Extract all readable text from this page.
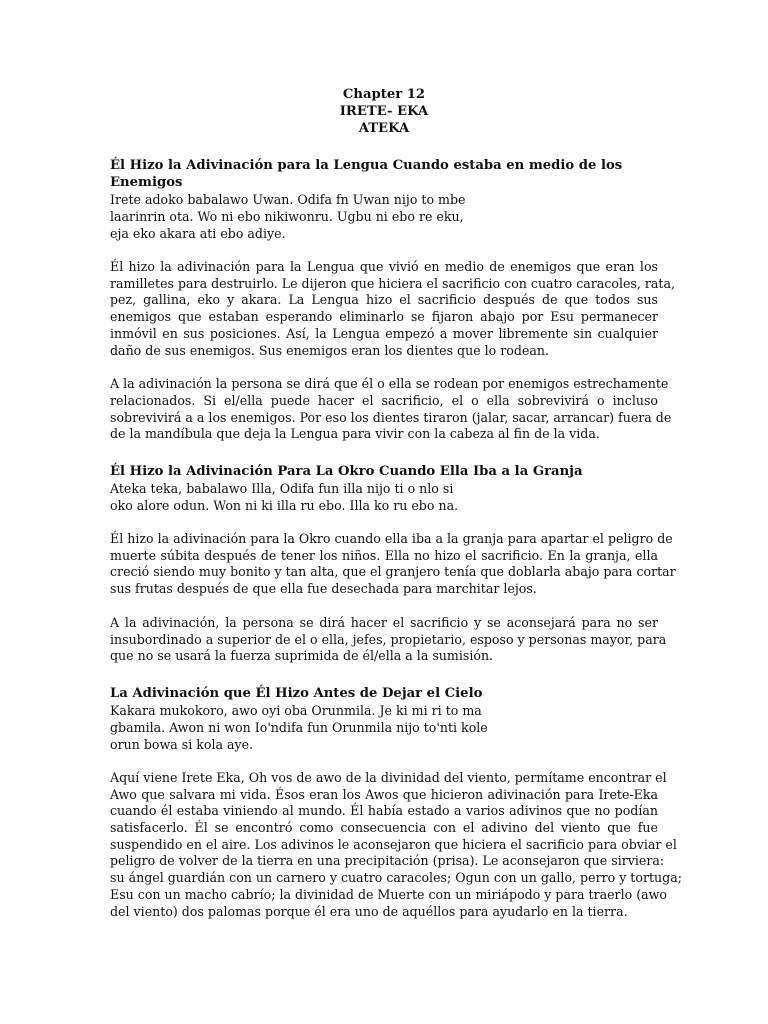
Chapter 12
IRETE- EKA
ATEKA
Él Hizo la Adivinación para la Lengua Cuando estaba en medio de los Enemigos
Irete adoko babalawo Uwan. Odifa fn Uwan nijo to mbe
laarinrin ota. Wo ni ebo nikiwonru. Ugbu ni ebo re eku,
eja eko akara ati ebo adiye.
Él hizo la adivinación para la Lengua que vivió en medio de enemigos que eran los
ramilletes para destruirlo. Le dijeron que hiciera el sacrificio con cuatro caracoles, rata,
pez, gallina, eko y akara. La Lengua hizo el sacrificio después de que todos sus
enemigos que estaban esperando eliminarlo se fijaron abajo por Esu permanecer
inmóvil en sus posiciones. Así, la Lengua empezó a mover libremente sin cualquier
daño de sus enemigos. Sus enemigos eran los dientes que lo rodean.
A la adivinación la persona se dirá que él o ella se rodean por enemigos estrechamente
relacionados. Si el/ella puede hacer el sacrificio, el o ella sobrevivirá o incluso
sobrevivirá a a los enemigos. Por eso los dientes tiraron (jalar, sacar, arrancar) fuera de
de la mandíbula que deja la Lengua para vivir con la cabeza al fin de la vida.
Él Hizo la Adivinación Para La Okro Cuando Ella Iba a la Granja
Ateka teka, babalawo Illa, Odifa fun illa nijo ti o nlo si
oko alore odun. Won ni ki illa ru ebo. Illa ko ru ebo na.
Él hizo la adivinación para la Okro cuando ella iba a la granja para apartar el peligro de
muerte súbita después de tener los niños. Ella no hizo el sacrificio. En la granja, ella
creció siendo muy bonito y tan alta, que el granjero tenía que doblarla abajo para cortar
sus frutas después de que ella fue desechada para marchitar lejos.
A la adivinación, la persona se dirá hacer el sacrificio y se aconsejará para no ser
insubordinado a superior de el o ella, jefes, propietario, esposo y personas mayor, para
que no se usará la fuerza suprimida de él/ella a la sumisión.
La Adivinación que Él Hizo Antes de Dejar el Cielo
Kakara mukokoro, awo oyi oba Orunmila. Je ki mi ri to ma
gbamila. Awon ni won Io'ndifa fun Orunmila nijo to'nti kole
orun bowa si kola aye.
Aquí viene Irete Eka, Oh vos de awo de la divinidad del viento, permítame encontrar el
Awo que salvara mi vida. Ésos eran los Awos que hicieron adivinación para Irete-Eka
cuando él estaba viniendo al mundo. Él había estado a varios adivinos que no podían
satisfacerlo. Él se encontró como consecuencia con el adivino del viento que fue
suspendido en el aire. Los adivinos le aconsejaron que hiciera el sacrificio para obviar el
peligro de volver de la tierra en una precipitación (prisa). Le aconsejaron que sirviera:
su ángel guardián con un carnero y cuatro caracoles; Ogun con un gallo, perro y tortuga;
Esu con un macho cabrío; la divinidad de Muerte con un miriápodo y para traerlo (awo
del viento) dos palomas porque él era uno de aquéllos para ayudarlo en la tierra.
